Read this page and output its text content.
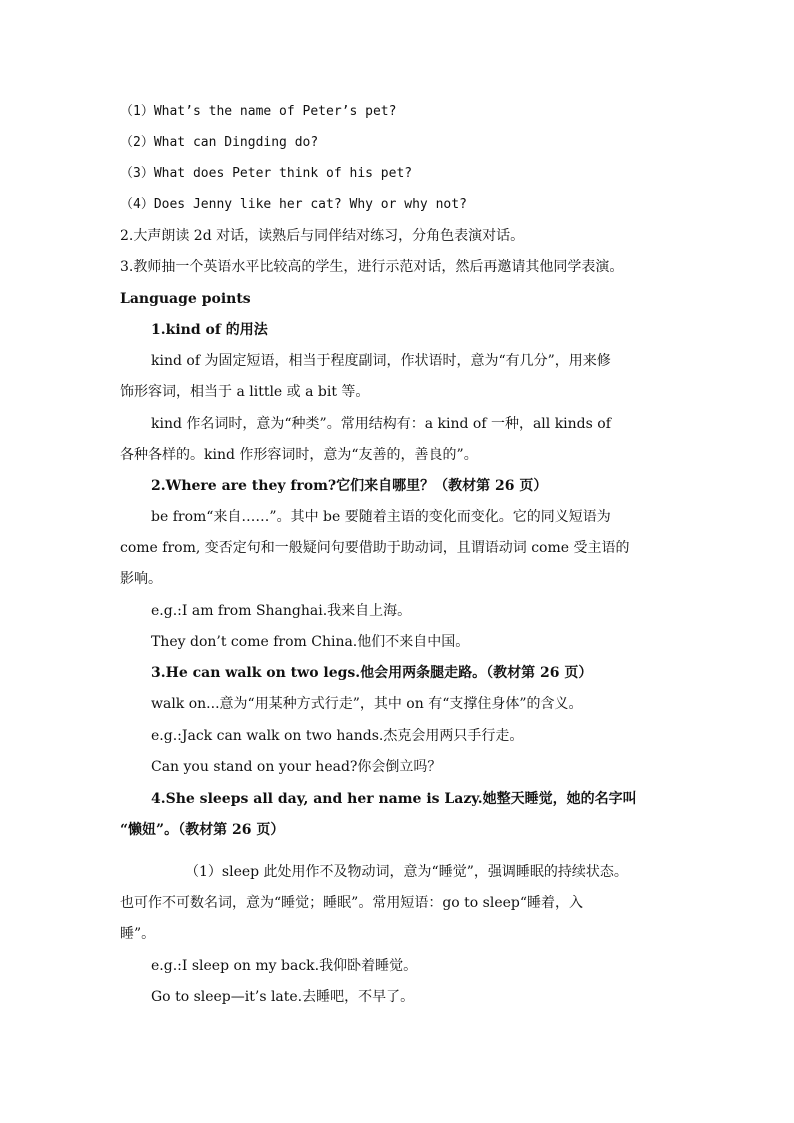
（1）What’s the name of Peter’s pet?
（2）What can Dingding do?
（3）What does Peter think of his pet?
（4）Does Jenny like her cat? Why or why not?
2.大声朗读 2d 对话，读熟后与同伴结对练习，分角色表演对话。
3.教师抽一个英语水平比较高的学生，进行示范对话，然后再邀请其他同学表演。
Language points
1.kind of 的用法
kind of 为固定短语，相当于程度副词，作状语时，意为“有几分”，用来修
饰形容词，相当于 a little 或 a bit 等。
kind 作名词时，意为“种类”。常用结构有：a kind of 一种，all kinds of
各种各样的。kind 作形容词时，意为“友善的，善良的”。
2.Where are they from?它们来自哪里？（教材第 26 页）
be from“来自……”。其中 be 要随着主语的变化而变化。它的同义短语为
come from, 变否定句和一般疑问句要借助于助动词，且谓语动词 come 受主语的
影响。
e.g.:I am from Shanghai.我来自上海。
They don’t come from China.他们不来自中国。
3.He can walk on two legs.他会用两条腿走路。（教材第 26 页）
walk on...意为“用某种方式行走”，其中 on 有“支撑住身体”的含义。
e.g.:Jack can walk on two hands.杰克会用两只手行走。
Can you stand on your head?你会倒立吗？
4.She sleeps all day, and her name is Lazy.她整天睡觉，她的名字叫
“懒妞”。（教材第 26 页）
（1）sleep 此处用作不及物动词，意为“睡觉”，强调睡眠的持续状态。
也可作不可数名词，意为“睡觉；睡眠”。常用短语：go to sleep“睡着，入
睡”。
e.g.:I sleep on my back.我仰卧着睡觉。
Go to sleep—it’s late.去睡吧，不早了。
